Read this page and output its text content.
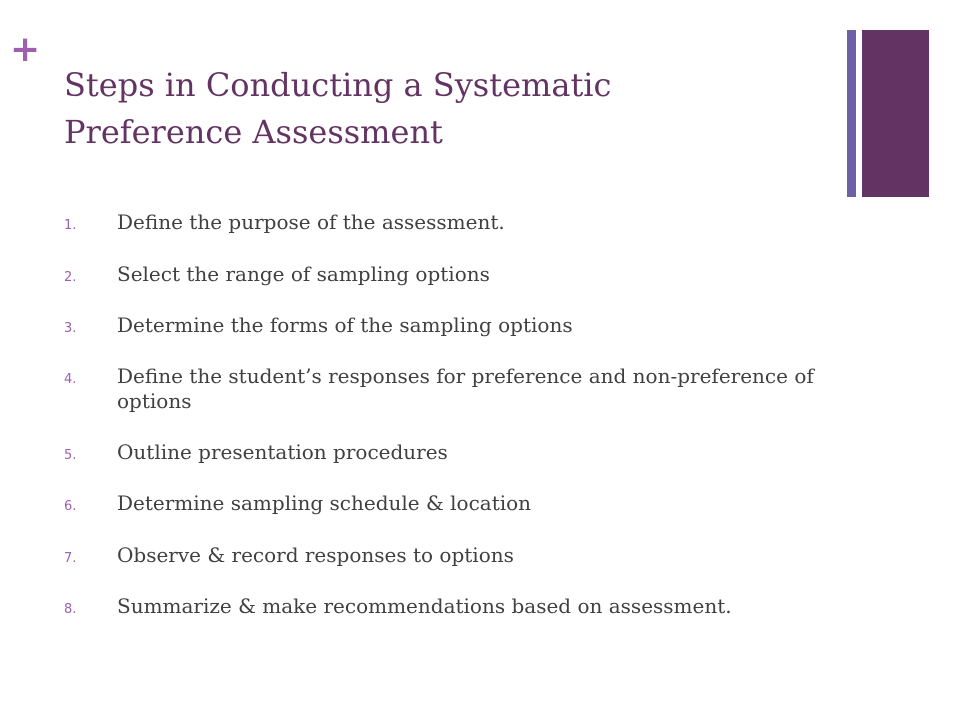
+
Steps in Conducting a Systematic
Preference Assessment
1.	Define the purpose of the assessment.
2.	Select the range of sampling options
3.	Determine the forms of the sampling options
4.	Define the student’s responses for preference and non-preference of options
5.	Outline presentation procedures
6.	Determine sampling schedule & location
7.	Observe & record responses to options
8.	Summarize & make recommendations based on assessment.
